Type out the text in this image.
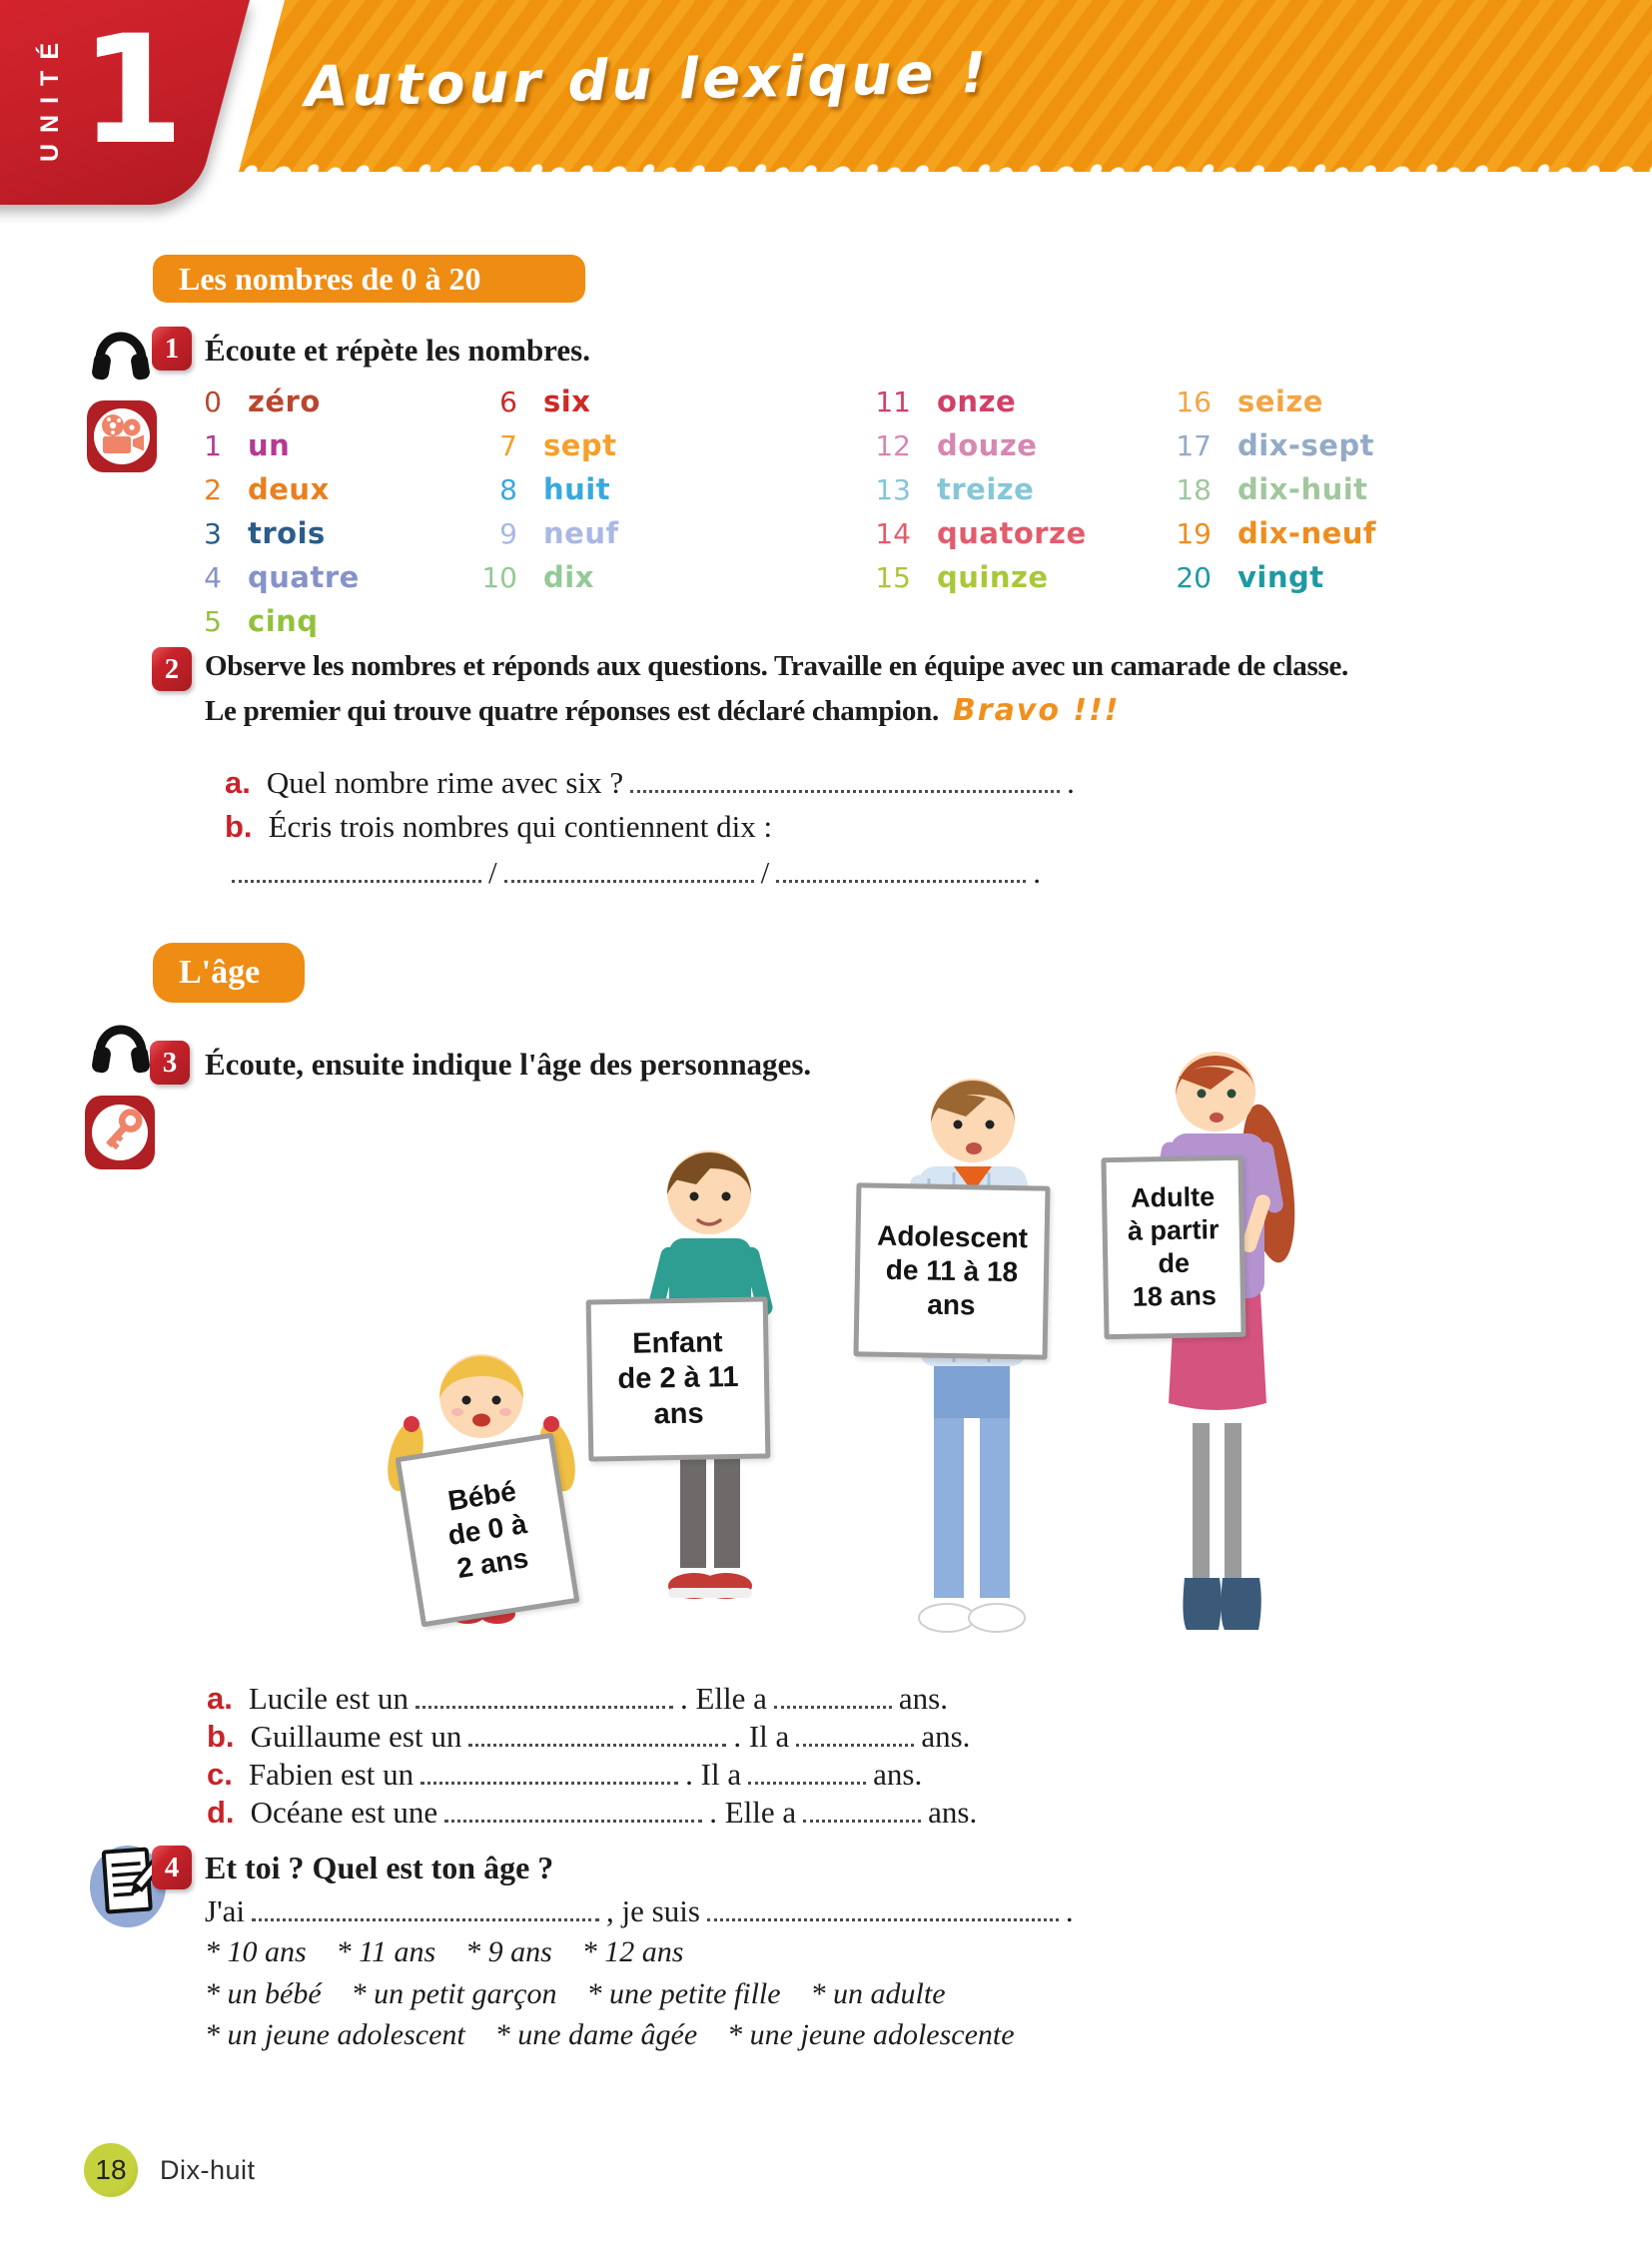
UNITÉ 1 Autour du lexique !
Les nombres de 0 à 20
1 Écoute et répète les nombres.
0 zéro
1 un
2 deux
3 trois
4 quatre
5 cinq
6 six
7 sept
8 huit
9 neuf
10 dix
11 onze
12 douze
13 treize
14 quatorze
15 quinze
16 seize
17 dix-sept
18 dix-huit
19 dix-neuf
20 vingt
2 Observe les nombres et réponds aux questions. Travaille en équipe avec un camarade de classe.
Le premier qui trouve quatre réponses est déclaré champion. Bravo !!!
a. Quel nombre rime avec six ?	.
b. Écris trois nombres qui contiennent dix :
/	/	.
L'âge
3 Écoute, ensuite indique l'âge des personnages.
Bébé
de 0 à
2 ans
Enfant
de 2 à 11
ans
Adolescent
de 11 à 18
ans
Adulte
à partir
de
18 ans
a. Lucile est un	. Elle a	ans.
b. Guillaume est un	. Il a	ans.
c. Fabien est un	. Il a	ans.
d. Océane est une	. Elle a	ans.
4 Et toi ? Quel est ton âge ?
J'ai	, je suis	.
* 10 ans    * 11 ans    * 9 ans    * 12 ans
* un bébé    * un petit garçon    * une petite fille    * un adulte
* un jeune adolescent    * une dame âgée    * une jeune adolescente
18	Dix-huit
